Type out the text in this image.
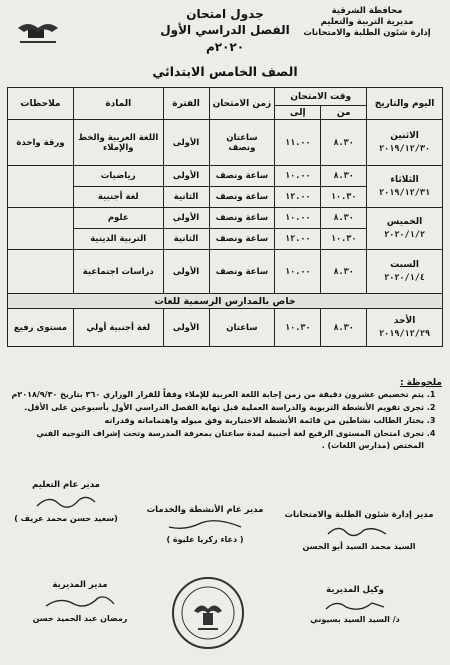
محافظة الشرقية
مديرية التربية والتعليم
إدارة شئون الطلبة والامتحانات
جدول امتحان
الفصل الدراسي الأول ٢٠٢٠م
الصف الخامس الابتدائي
اليوم والتاريخ	وقت الامتحان		زمن الامتحان	الفترة	المادة	ملاحظات
	من	إلى				

الاثنين
٢٠١٩/١٢/٣٠	٨.٣٠	١١.٠٠	ساعتان ونصف	الأولى	اللغة العربية والخط والإملاء	ورقة واحدة

الثلاثاء
٢٠١٩/١٢/٣١	٨.٣٠	١٠.٠٠	ساعة ونصف	الأولى	رياضيات	
	١٠.٣٠	١٢.٠٠	ساعة ونصف	الثانية	لغة أجنبية	

الخميس
٢٠٢٠/١/٢	٨.٣٠	١٠.٠٠	ساعة ونصف	الأولى	علوم	
	١٠.٣٠	١٢.٠٠	ساعة ونصف	الثانية	التربية الدينية	

السبت
٢٠٢٠/١/٤	٨.٣٠	١٠.٠٠	ساعة ونصف	الأولى	دراسات اجتماعية	
خاص بالمدارس الرسمية للغات						

الأحد
٢٠١٩/١٢/٢٩	٨.٣٠	١٠.٣٠	ساعتان	الأولى	لغة أجنبية أولي	مستوى رفيع
ملحوظة :
1. يتم تخصيص عشرون دقيقة من زمن إجابة اللغة العربية للإملاء وفقاً للقرار الوزاري ٣٦٠ بتاريخ ٢٠١٨/٩/٣٠م
2. تجرى تقويم الأنشطة التربوية والدراسة العملية قبل نهاية الفصل الدراسي الأول بأسبوعين على الأقل.
3. يختار الطالب نشاطين من قائمة الأنشطة الاختيارية وفق ميوله واهتماماته وقدراته
4. تجرى امتحان المستوى الرفيع لغة أجنبية لمدة ساعتان بمعرفة المدرسة وتحت إشراف التوجيه الفني المختص (مدارس اللغات) .
مدير إدارة شئون الطلبة والامتحانات
السيد محمد السيد أبو الحسن
مدير عام الأنشطة والخدمات
( دعاء زكريا عليوة )
مدير عام التعليم
(سعيد حسن محمد عريف )
وكيل المديرية
د/ السيد السيد بسيوني
مدير المديرية
رمضان عبد الحميد حسن
